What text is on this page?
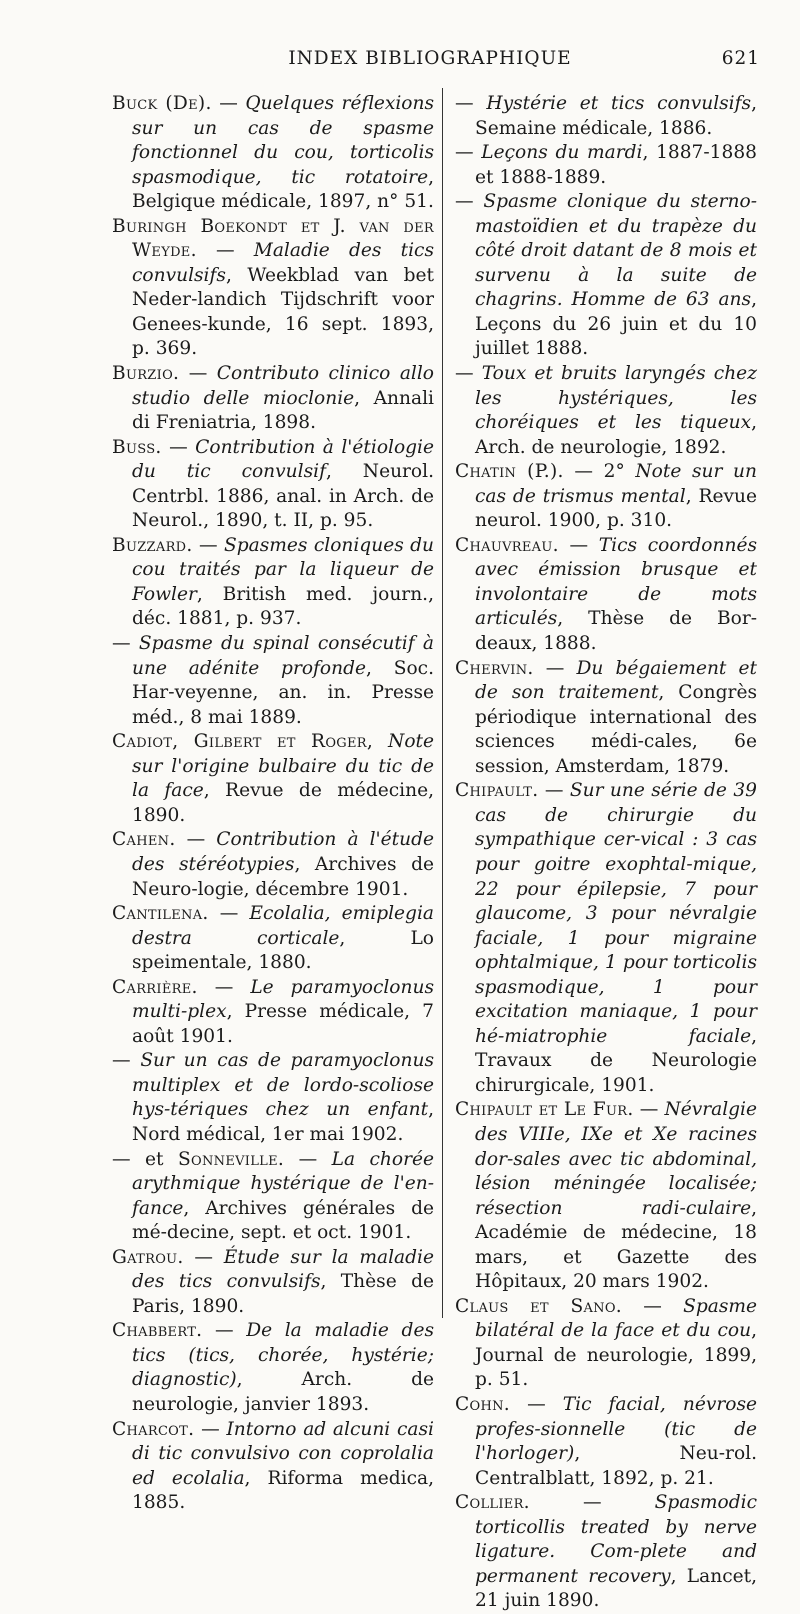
INDEX BIBLIOGRAPHIQUE	621
Buck (De). — Quelques réflexions sur un cas de spasme fonctionnel du cou, torticolis spasmodique, tic rotatoire, Belgique médicale, 1897, n° 51.
Buringh Boekondt et J. van der Weyde. — Maladie des tics convulsifs, Weekblad van bet Neder-landich Tijdschrift voor Genees-kunde, 16 sept. 1893, p. 369.
Burzio. — Contributo clinico allo studio delle mioclonie, Annali di Freniatria, 1898.
Buss. — Contribution à l'étiologie du tic convulsif, Neurol. Centrbl. 1886, anal. in Arch. de Neurol., 1890, t. II, p. 95.
Buzzard. — Spasmes cloniques du cou traités par la liqueur de Fowler, British med. journ., déc. 1881, p. 937.
— Spasme du spinal consécutif à une adénite profonde, Soc. Har-veyenne, an. in. Presse méd., 8 mai 1889.
Cadiot, Gilbert et Roger, Note sur l'origine bulbaire du tic de la face, Revue de médecine, 1890.
Cahen. — Contribution à l'étude des stéréotypies, Archives de Neuro-logie, décembre 1901.
Cantilena. — Ecolalia, emiplegia destra corticale, Lo speimentale, 1880.
Carrière. — Le paramyoclonus multi-plex, Presse médicale, 7 août 1901.
— Sur un cas de paramyoclonus multiplex et de lordo-scoliose hys-tériques chez un enfant, Nord médical, 1er mai 1902.
— et Sonneville. — La chorée arythmique hystérique de l'en-fance, Archives générales de mé-decine, sept. et oct. 1901.
Gatrou. — Étude sur la maladie des tics convulsifs, Thèse de Paris, 1890.
Chabbert. — De la maladie des tics (tics, chorée, hystérie; diagnostic), Arch. de neurologie, janvier 1893.
Charcot. — Intorno ad alcuni casi di tic convulsivo con coprolalia ed ecolalia, Riforma medica, 1885.
— Hystérie et tics convulsifs, Semaine médicale, 1886.
— Leçons du mardi, 1887-1888 et 1888-1889.
— Spasme clonique du sterno-mastoïdien et du trapèze du côté droit datant de 8 mois et survenu à la suite de chagrins. Homme de 63 ans, Leçons du 26 juin et du 10 juillet 1888.
— Toux et bruits laryngés chez les hystériques, les choréiques et les tiqueux, Arch. de neurologie, 1892.
Chatin (P.). — 2° Note sur un cas de trismus mental, Revue neurol. 1900, p. 310.
Chauvreau. — Tics coordonnés avec émission brusque et involontaire de mots articulés, Thèse de Bor-deaux, 1888.
Chervin. — Du bégaiement et de son traitement, Congrès périodique international des sciences médi-cales, 6e session, Amsterdam, 1879.
Chipault. — Sur une série de 39 cas de chirurgie du sympathique cer-vical : 3 cas pour goitre exophtal-mique, 22 pour épilepsie, 7 pour glaucome, 3 pour névralgie faciale, 1 pour migraine ophtalmique, 1 pour torticolis spasmodique, 1 pour excitation maniaque, 1 pour hé-miatrophie faciale, Travaux de Neurologie chirurgicale, 1901.
Chipault et Le Fur. — Névralgie des VIIIe, IXe et Xe racines dor-sales avec tic abdominal, lésion méningée localisée; résection radi-culaire, Académie de médecine, 18 mars, et Gazette des Hôpitaux, 20 mars 1902.
Claus et Sano. — Spasme bilatéral de la face et du cou, Journal de neurologie, 1899, p. 51.
Cohn. — Tic facial, névrose profes-sionnelle (tic de l'horloger), Neu-rol. Centralblatt, 1892, p. 21.
Collier. — Spasmodic torticollis treated by nerve ligature. Com-plete and permanent recovery, Lancet, 21 juin 1890.
